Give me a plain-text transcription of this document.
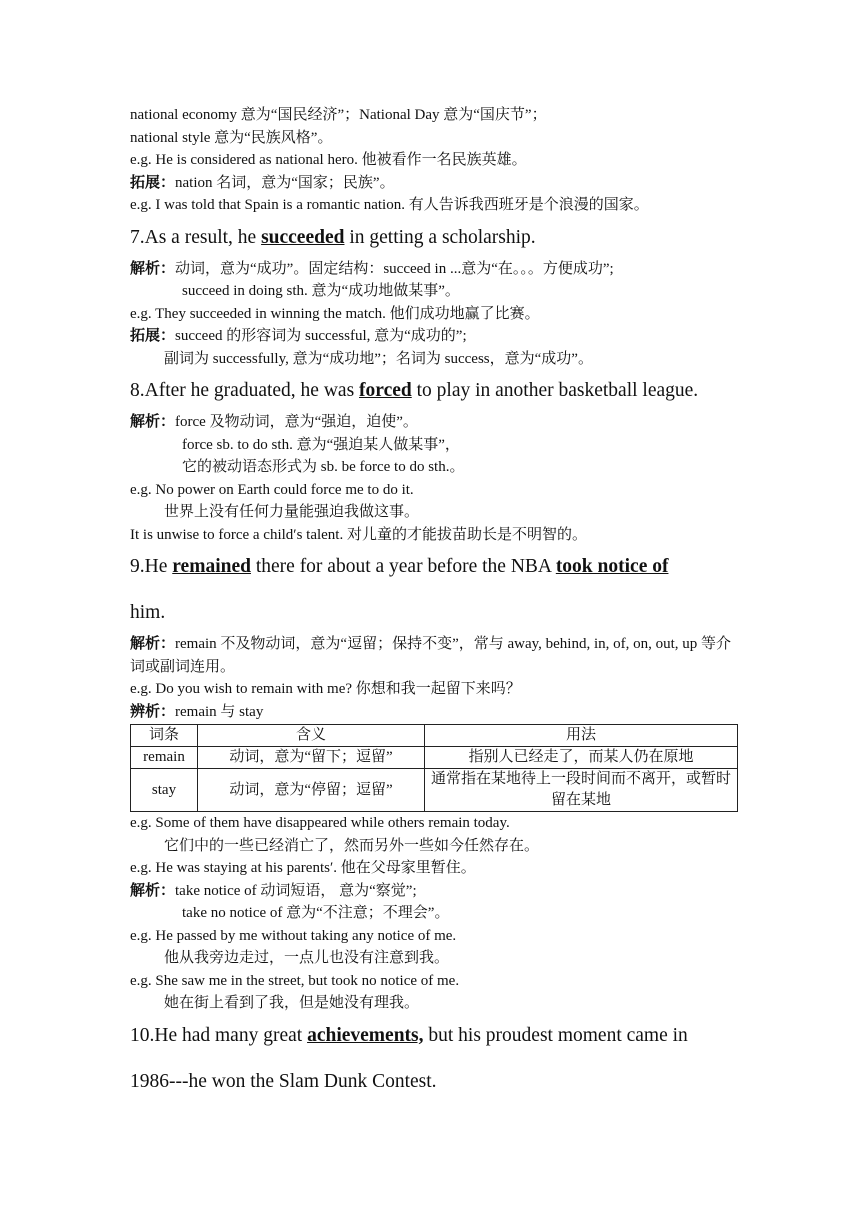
national economy 意为“国民经济”；National Day 意为“国庆节”；
national style 意为“民族风格”。
e.g. He is considered as national hero. 他被看作一名民族英雄。
拓展：nation 名词，意为“国家；民族”。
e.g. I was told that Spain is a romantic nation. 有人告诉我西班牙是个浪漫的国家。
7.As a result, he succeeded in getting a scholarship.
解析：动词，意为“成功”。固定结构：succeed in ...意为“在。。。方便成功”;
succeed in doing sth. 意为“成功地做某事”。
e.g. They succeeded in winning the match. 他们成功地赢了比赛。
拓展：succeed 的形容词为 successful, 意为“成功的”;
副词为 successfully, 意为“成功地”；名词为 success，意为“成功”。
8.After he graduated, he was forced to play in another basketball league.
解析：force 及物动词，意为“强迫，迫使”。
force sb. to do sth. 意为“强迫某人做某事”，
它的被动语态形式为 sb. be force to do sth.。
e.g. No power on Earth could force me to do it.
世界上没有任何力量能强迫我做这事。
It is unwise to force a child′s talent. 对儿童的才能拔苗助长是不明智的。
9.He remained there for about a year before the NBA took notice of
him.
解析：remain 不及物动词，意为“逗留；保持不变”，常与 away, behind, in, of, on, out, up 等介词或副词连用。
e.g. Do you wish to remain with me? 你想和我一起留下来吗？
辨析：remain 与 stay
词条	含义	用法
remain	动词，意为“留下；逗留”	指别人已经走了，而某人仍在原地
stay	动词，意为“停留；逗留”	通常指在某地待上一段时间而不离开，或暂时留在某地
e.g. Some of them have disappeared while others remain today.
它们中的一些已经消亡了，然而另外一些如今任然存在。
e.g. He was staying at his parents′. 他在父母家里暂住。
解析：take notice of 动词短语， 意为“察觉”;
take no notice of 意为“不注意；不理会”。
e.g. He passed by me without taking any notice of me.
他从我旁边走过，一点儿也没有注意到我。
e.g. She saw me in the street, but took no notice of me.
她在街上看到了我，但是她没有理我。
10.He had many great achievements, but his proudest moment came in
1986---he won the Slam Dunk Contest.
